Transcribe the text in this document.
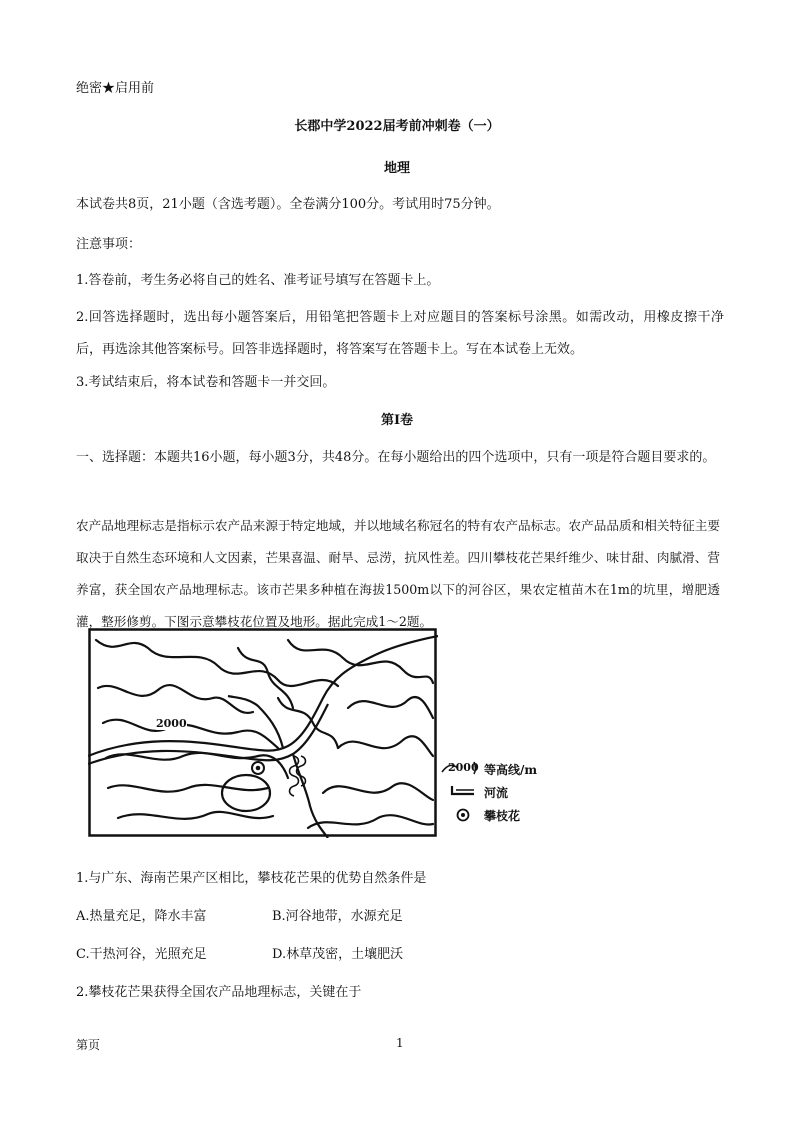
绝密★启用前
长郡中学2022届考前冲刺卷（一）
地理
本试卷共8页，21小题（含选考题）。全卷满分100分。考试用时75分钟。
注意事项：
1.答卷前，考生务必将自己的姓名、准考证号填写在答题卡上。
2.回答选择题时，选出每小题答案后，用铅笔把答题卡上对应题目的答案标号涂黑。如需改动，用橡皮擦干净后，再选涂其他答案标号。回答非选择题时，将答案写在答题卡上。写在本试卷上无效。
3.考试结束后，将本试卷和答题卡一并交回。
第I卷
一、选择题：本题共16小题，每小题3分，共48分。在每小题给出的四个选项中，只有一项是符合题目要求的。
农产品地理标志是指标示农产品来源于特定地域，并以地域名称冠名的特有农产品标志。农产品品质和相关特征主要取决于自然生态环境和人文因素，芒果喜温、耐旱、忌涝，抗风性差。四川攀枝花芒果纤维少、味甘甜、肉腻滑、营养富，获全国农产品地理标志。该市芒果多种植在海拔1500m以下的河谷区，果农定植苗木在1m的坑里，增肥透灌，整形修剪。下图示意攀枝花位置及地形。据此完成1～2题。
2000
2000 等高线/m
河流
攀枝花
1.与广东、海南芒果产区相比，攀枝花芒果的优势自然条件是
A.热量充足，降水丰富	B.河谷地带，水源充足
C.干热河谷，光照充足	D.林草茂密，土壤肥沃
2.攀枝花芒果获得全国农产品地理标志，关键在于
第页	1
